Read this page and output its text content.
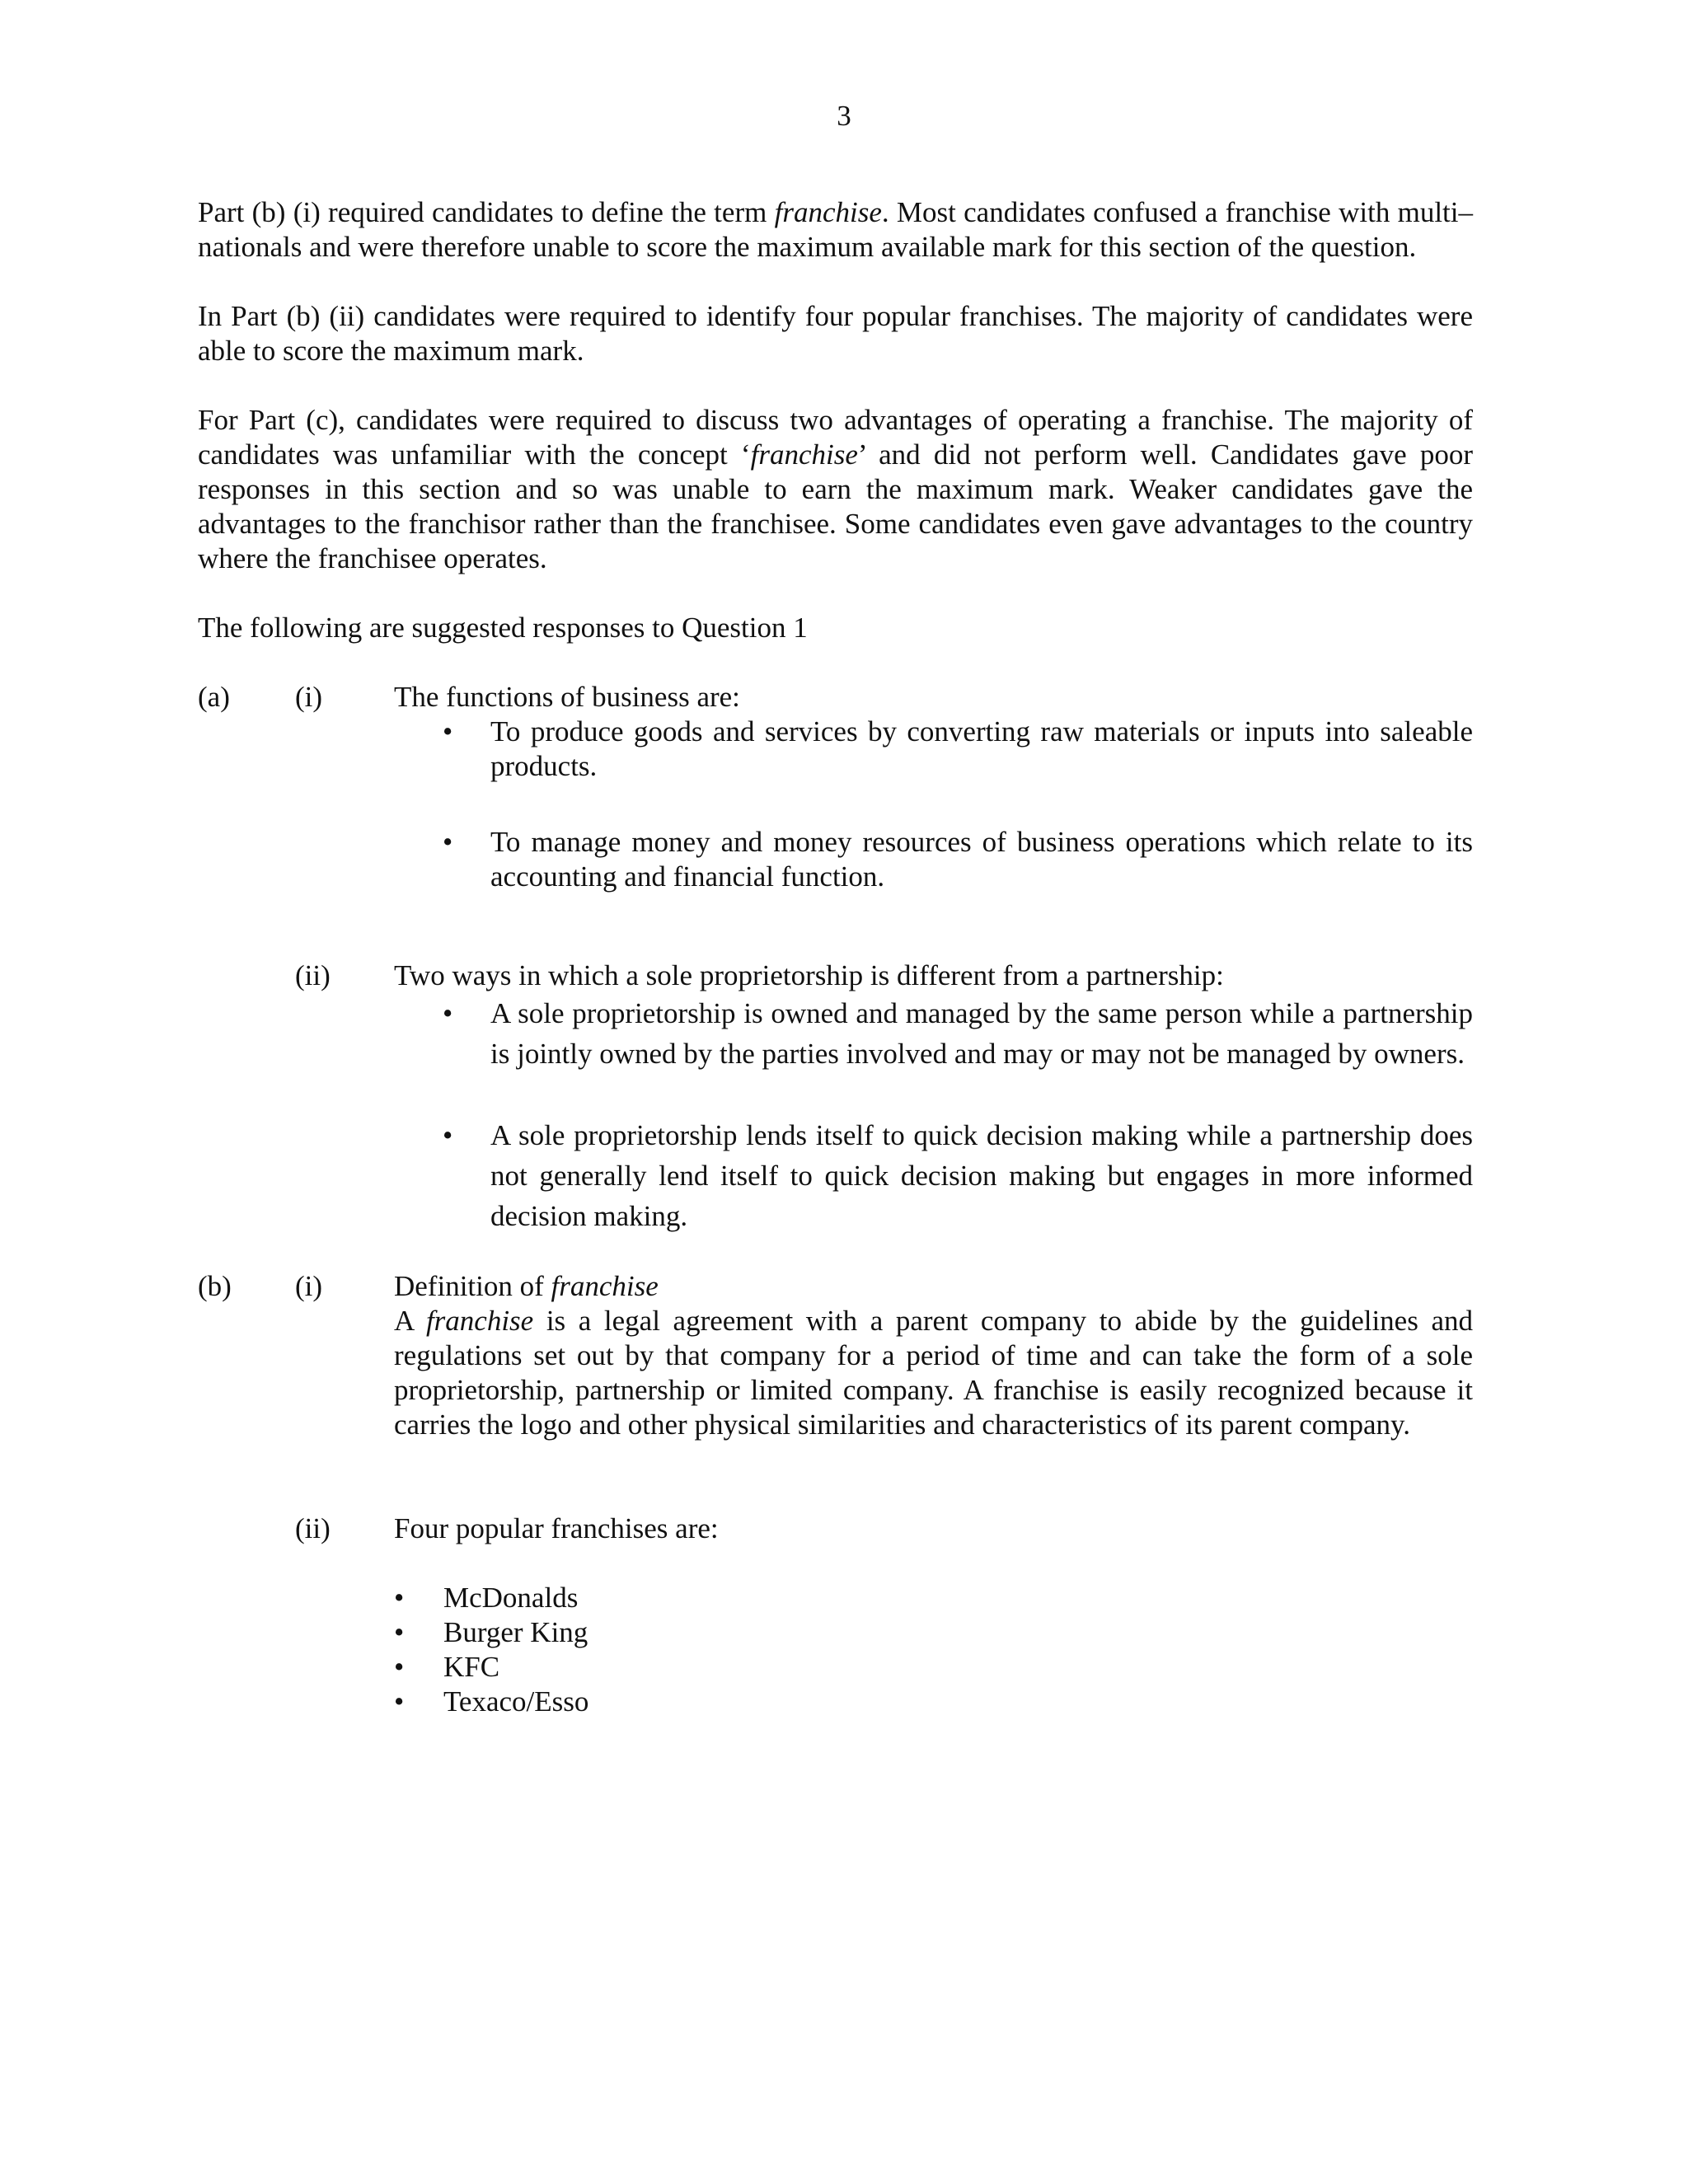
3

Part (b) (i) required candidates to define the term franchise. Most candidates confused a franchise with multi–nationals and were therefore unable to score the maximum available mark for this section of the question.

In Part (b) (ii) candidates were required to identify four popular franchises. The majority of candidates were able to score the maximum mark.

For Part (c), candidates were required to discuss two advantages of operating a franchise. The majority of candidates was unfamiliar with the concept ‘franchise’ and did not perform well. Candidates gave poor responses in this section and so was unable to earn the maximum mark. Weaker candidates gave the advantages to the franchisor rather than the franchisee. Some candidates even gave advantages to the country where the franchisee operates.

The following are suggested responses to Question 1

(a) (i) The functions of business are:

• To produce goods and services by converting raw materials or inputs into saleable products.
• To manage money and money resources of business operations which relate to its accounting and financial function.
(ii) Two ways in which a sole proprietorship is different from a partnership:

• A sole proprietorship is owned and managed by the same person while a partnership is jointly owned by the parties involved and may or may not be managed by owners.
• A sole proprietorship lends itself to quick decision making while a partnership does not generally lend itself to quick decision making but engages in more informed decision making.
(b) (i) Definition of franchise

A franchise is a legal agreement with a parent company to abide by the guidelines and regulations set out by that company for a period of time and can take the form of a sole proprietorship, partnership or limited company. A franchise is easily recognized because it carries the logo and other physical similarities and characteristics of its parent company.

(ii) Four popular franchises are:

• McDonalds
• Burger King
• KFC
• Texaco/Esso
